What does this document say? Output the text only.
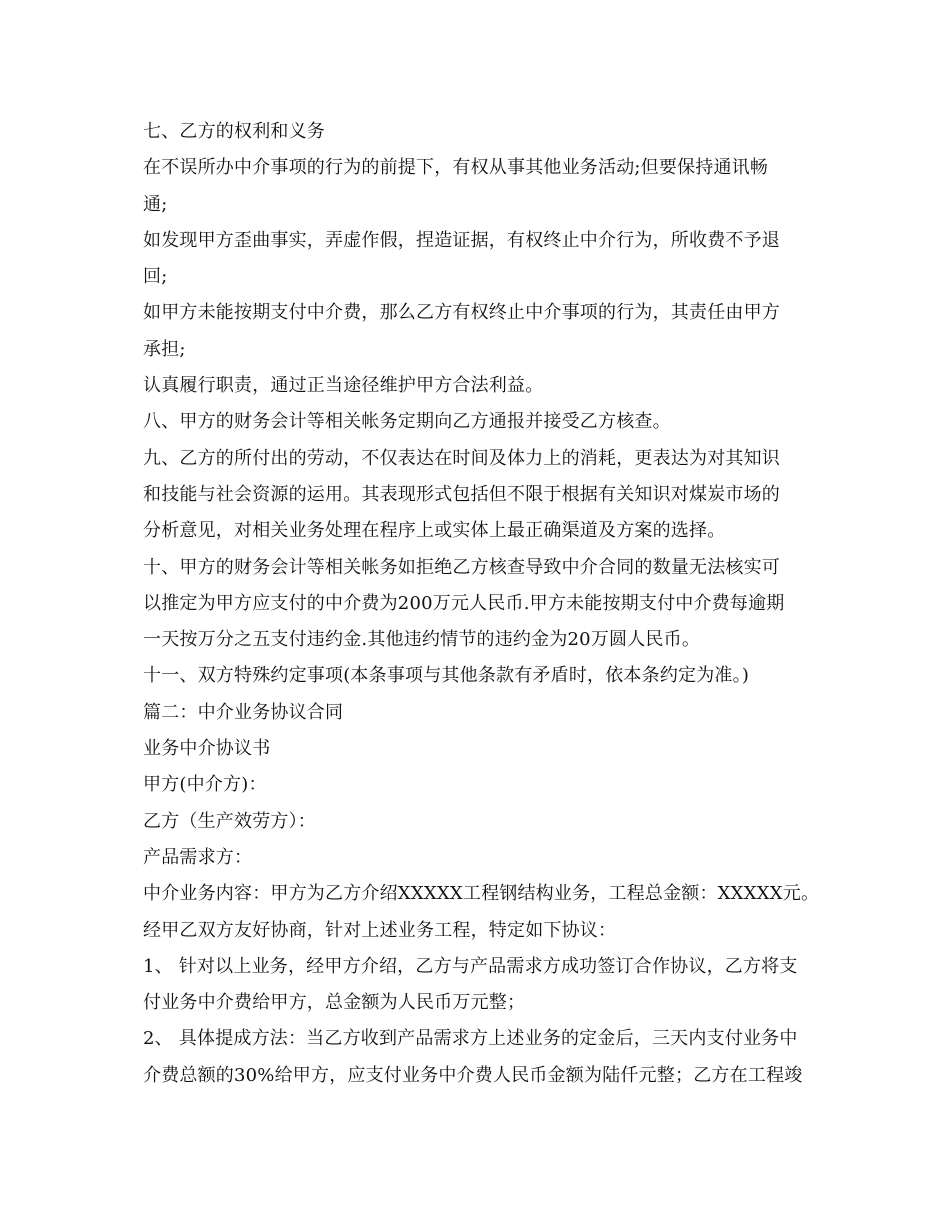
七、乙方的权利和义务
在不误所办中介事项的行为的前提下，有权从事其他业务活动;但要保持通讯畅
通;
如发现甲方歪曲事实，弄虚作假，捏造证据，有权终止中介行为，所收费不予退
回;
如甲方未能按期支付中介费，那么乙方有权终止中介事项的行为，其责任由甲方
承担;
认真履行职责，通过正当途径维护甲方合法利益。
八、甲方的财务会计等相关帐务定期向乙方通报并接受乙方核查。
九、乙方的所付出的劳动，不仅表达在时间及体力上的消耗，更表达为对其知识
和技能与社会资源的运用。其表现形式包括但不限于根据有关知识对煤炭市场的
分析意见，对相关业务处理在程序上或实体上最正确渠道及方案的选择。
十、甲方的财务会计等相关帐务如拒绝乙方核查导致中介合同的数量无法核实可
以推定为甲方应支付的中介费为200万元人民币.甲方未能按期支付中介费每逾期
一天按万分之五支付违约金.其他违约情节的违约金为20万圆人民币。
十一、双方特殊约定事项(本条事项与其他条款有矛盾时，依本条约定为准。)
篇二：中介业务协议合同
业务中介协议书
甲方(中介方)：
乙方（生产效劳方）：
产品需求方：
中介业务内容：甲方为乙方介绍XXXXX工程钢结构业务，工程总金额：XXXXX元。
经甲乙双方友好协商，针对上述业务工程，特定如下协议：
1、 针对以上业务，经甲方介绍，乙方与产品需求方成功签订合作协议，乙方将支
付业务中介费给甲方，总金额为人民币万元整；
2、 具体提成方法：当乙方收到产品需求方上述业务的定金后，三天内支付业务中
介费总额的30%给甲方，应支付业务中介费人民币金额为陆仟元整；乙方在工程竣
